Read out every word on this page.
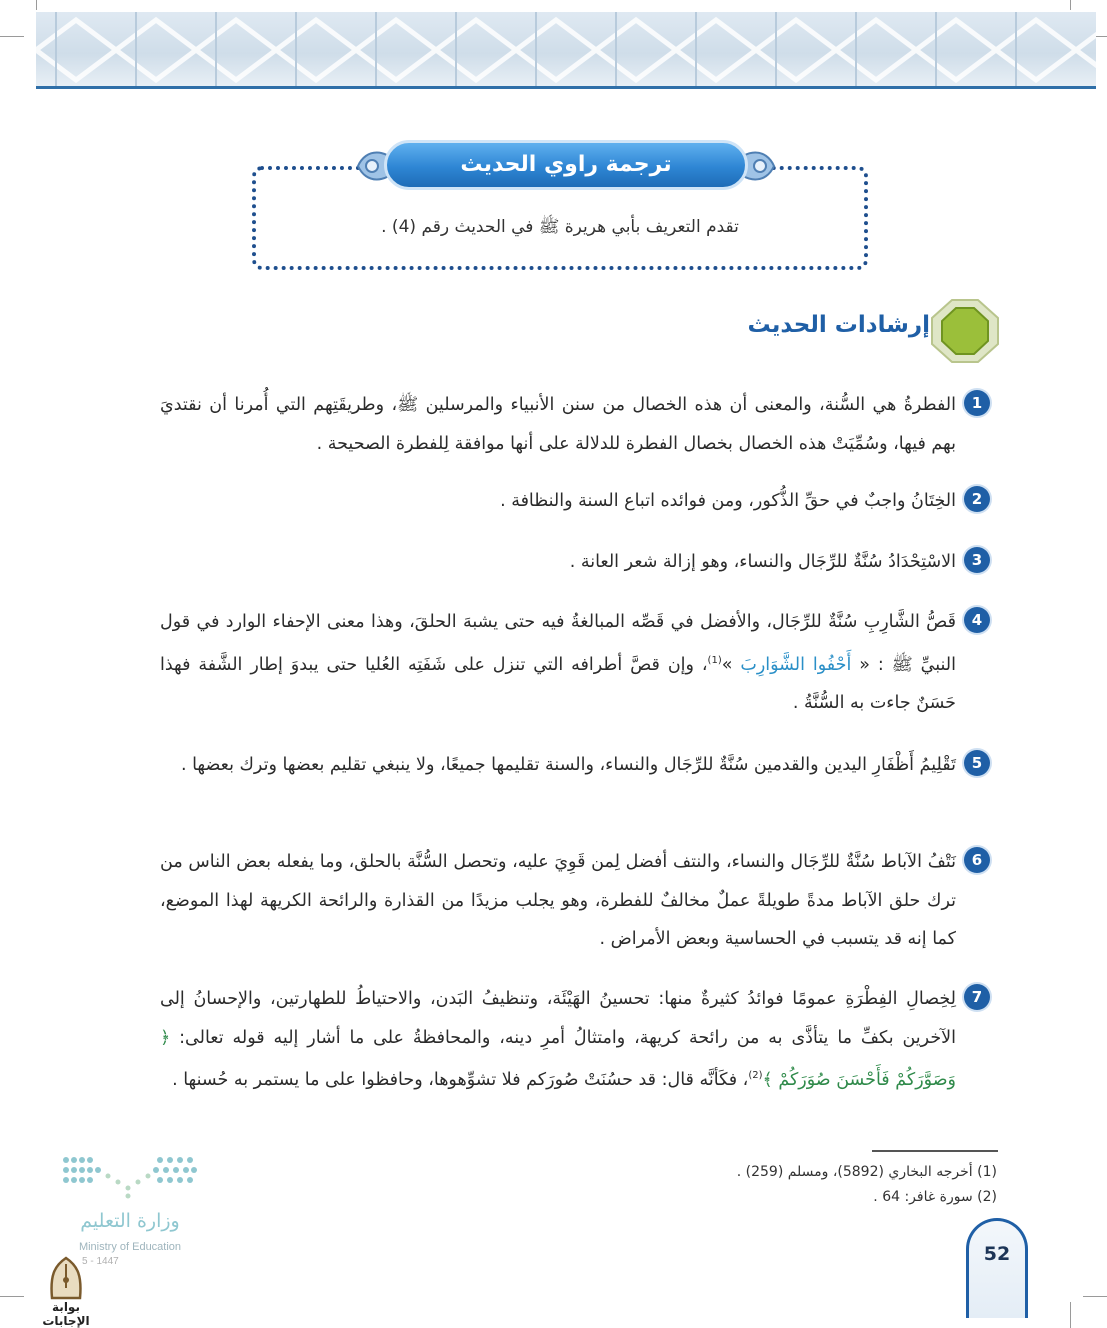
ترجمة راوي الحديث
تقدم التعريف بأبي هريرة ﷺ في الحديث رقم (4) .
إرشادات الحديث
1

الفطرةُ هي السُّنة، والمعنى أن هذه الخصال من سنن الأنبياء والمرسلين ﷺ، وطريقَتِهم التي أُمرنا أن نقتديَ بهم فيها، وسُمِّيَتْ هذه الخصال بخصال الفطرة للدلالة على أنها موافقة لِلفطرة الصحيحة .

2

الخِتَانُ واجبٌ في حقِّ الذُّكور، ومن فوائده اتباع السنة والنظافة .

3

الاسْتِحْدَادُ سُنَّةٌ للرِّجَال والنساء، وهو إزالة شعر العانة .

4

قَصُّ الشَّارِبِ سُنَّةٌ للرِّجَال، والأفضل في قَصِّه المبالغةُ فيه حتى يشبهَ الحلقَ، وهذا معنى الإحفاء الوارد في قول النبيِّ ﷺ : « أَحْفُوا الشَّوَارِبَ »$^{(1)}$، وإن قصَّ أطرافه التي تنزل على شَفَتِه العُليا حتى يبدوَ إطار الشَّفة فهذا حَسَنٌ جاءت به السُّنَّةُ .

5

تَقْلِيمُ أَظْفَارِ اليدين والقدمين سُنَّةٌ للرِّجَال والنساء، والسنة تقليمها جميعًا، ولا ينبغي تقليم بعضها وترك بعضها .

6

نَتْفُ الآباط سُنَّةٌ للرِّجَال والنساء، والنتف أفضل لِمن قَوِيَ عليه، وتحصل السُّنَّة بالحلق، وما يفعله بعض الناس من ترك حلق الآباط مدةً طويلةً عملٌ مخالفٌ للفطرة، وهو يجلب مزيدًا من القذارة والرائحة الكريهة لهذا الموضع، كما إنه قد يتسبب في الحساسية وبعض الأمراض .

7

لِخِصالِ الفِطْرَةِ عمومًا فوائدُ كثيرةٌ منها: تحسينُ الهَيْئَة، وتنظيفُ البَدن، والاحتياطُ للطهارتين، والإحسانُ إلى الآخرين بكفِّ ما يتأذَّى به من رائحة كريهة، وامتثالُ أمرِ دينه، والمحافظةُ على ما أشار إليه قوله تعالى: ﴿ وَصَوَّرَكُمْ فَأَحْسَنَ صُوَرَكُمْ ﴾$^{(2)}$، فكَأنَّه قال: قد حسُنَتْ صُورَكم فلا تشوِّهوها، وحافظوا على ما يستمر به حُسنها .

(1) أخرجه البخاري (5892)، ومسلم (259) .
(2) سورة غافر: 64 .
وزارة التعليم
Ministry of Education
5 - 1447
بوابة الإجابات
52
